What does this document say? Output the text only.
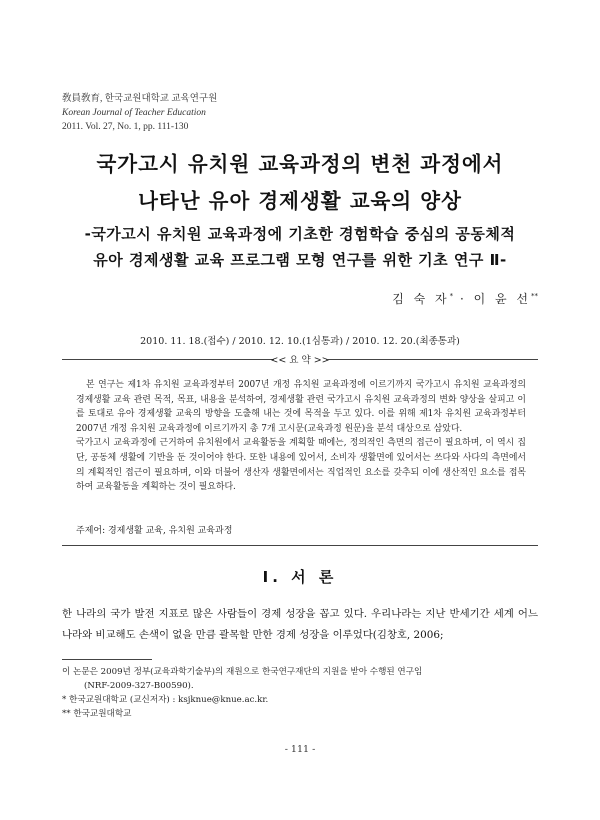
敎員敎育, 한국교원대학교 교육연구원
Korean Journal of Teacher Education
2011. Vol. 27, No. 1, pp. 111-130
국가고시 유치원 교육과정의 변천 과정에서
나타난 유아 경제생활 교육의 양상
-국가고시 유치원 교육과정에 기초한 경험학습 중심의 공동체적
유아 경제생활 교육 프로그램 모형 연구를 위한 기초 연구 Ⅱ-
김 숙 자* · 이 윤 선**
2010. 11. 18.(접수) / 2010. 12. 10.(1심통과) / 2010. 12. 20.(최종통과)
<< 요 약 >>

본 연구는 제1차 유치원 교육과정부터 2007년 개정 유치원 교육과정에 이르기까지 국가고시 유치원 교육과정의 경제생활 교육 관련 목적, 목표, 내용을 분석하여, 경제생활 관련 국가고시 유치원 교육과정의 변화 양상을 살피고 이를 토대로 유아 경제생활 교육의 방향을 도출해 내는 것에 목적을 두고 있다. 이를 위해 제1차 유치원 교육과정부터 2007년 개정 유치원 교육과정에 이르기까지 총 7개 고시문(교육과정 원문)을 분석 대상으로 삼았다.

국가고시 교육과정에 근거하여 유치원에서 교육활동을 계획할 때에는, 정의적인 측면의 접근이 필요하며, 이 역시 집단, 공동체 생활에 기반을 둔 것이어야 한다. 또한 내용에 있어서, 소비자 생활면에 있어서는 쓰다와 사다의 측면에서의 계획적인 접근이 필요하며, 이와 더불어 생산자 생활면에서는 직업적인 요소를 갖추되 이에 생산적인 요소를 접목하여 교육활동을 계획하는 것이 필요하다.

주제어: 경제생활 교육, 유치원 교육과정
Ⅰ. 서 론

한 나라의 국가 발전 지표로 많은 사람들이 경제 성장을 꼽고 있다. 우리나라는 지난 반세기간 세계 어느 나라와 비교해도 손색이 없을 만큼 괄목할 만한 경제 성장을 이루었다(김창호, 2006;

이 논문은 2009년 정부(교육과학기술부)의 재원으로 한국연구재단의 지원을 받아 수행된 연구임

(NRF-2009-327-B00590).

* 한국교원대학교 (교신저자) : ksjknue@knue.ac.kr.

** 한국교원대학교

- 111 -
